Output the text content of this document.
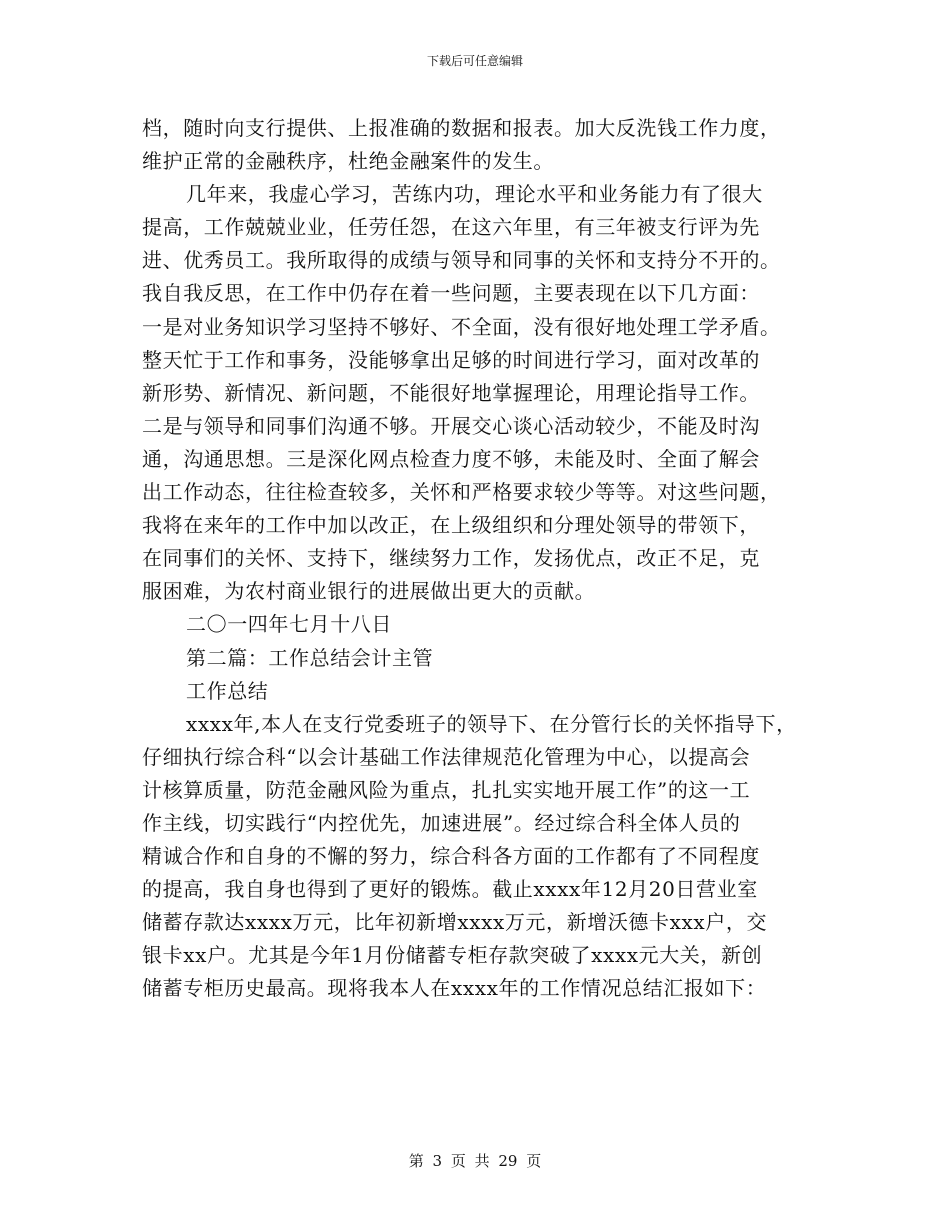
下载后可任意编辑
档，随时向支行提供、上报准确的数据和报表。加大反洗钱工作力度，
维护正常的金融秩序，杜绝金融案件的发生。
几年来，我虚心学习，苦练内功，理论水平和业务能力有了很大
提高，工作兢兢业业，任劳任怨，在这六年里，有三年被支行评为先
进、优秀员工。我所取得的成绩与领导和同事的关怀和支持分不开的。
我自我反思，在工作中仍存在着一些问题，主要表现在以下几方面：
一是对业务知识学习坚持不够好、不全面，没有很好地处理工学矛盾。
整天忙于工作和事务，没能够拿出足够的时间进行学习，面对改革的
新形势、新情况、新问题，不能很好地掌握理论，用理论指导工作。
二是与领导和同事们沟通不够。开展交心谈心活动较少，不能及时沟
通，沟通思想。三是深化网点检查力度不够，未能及时、全面了解会
出工作动态，往往检查较多，关怀和严格要求较少等等。对这些问题，
我将在来年的工作中加以改正，在上级组织和分理处领导的带领下，
在同事们的关怀、支持下，继续努力工作，发扬优点，改正不足，克
服困难，为农村商业银行的进展做出更大的贡献。
二〇一四年七月十八日
第二篇：工作总结会计主管
工作总结
xxxx年,本人在支行党委班子的领导下、在分管行长的关怀指导下，
仔细执行综合科“以会计基础工作法律规范化管理为中心，以提高会
计核算质量，防范金融风险为重点，扎扎实实地开展工作”的这一工
作主线，切实践行“内控优先，加速进展”。经过综合科全体人员的
精诚合作和自身的不懈的努力，综合科各方面的工作都有了不同程度
的提高，我自身也得到了更好的锻炼。截止xxxx年12月20日营业室
储蓄存款达xxxx万元，比年初新增xxxx万元，新增沃德卡xxx户，交
银卡xx户。尤其是今年1月份储蓄专柜存款突破了xxxx元大关，新创
储蓄专柜历史最高。现将我本人在xxxx年的工作情况总结汇报如下：
第 3 页 共 29 页
